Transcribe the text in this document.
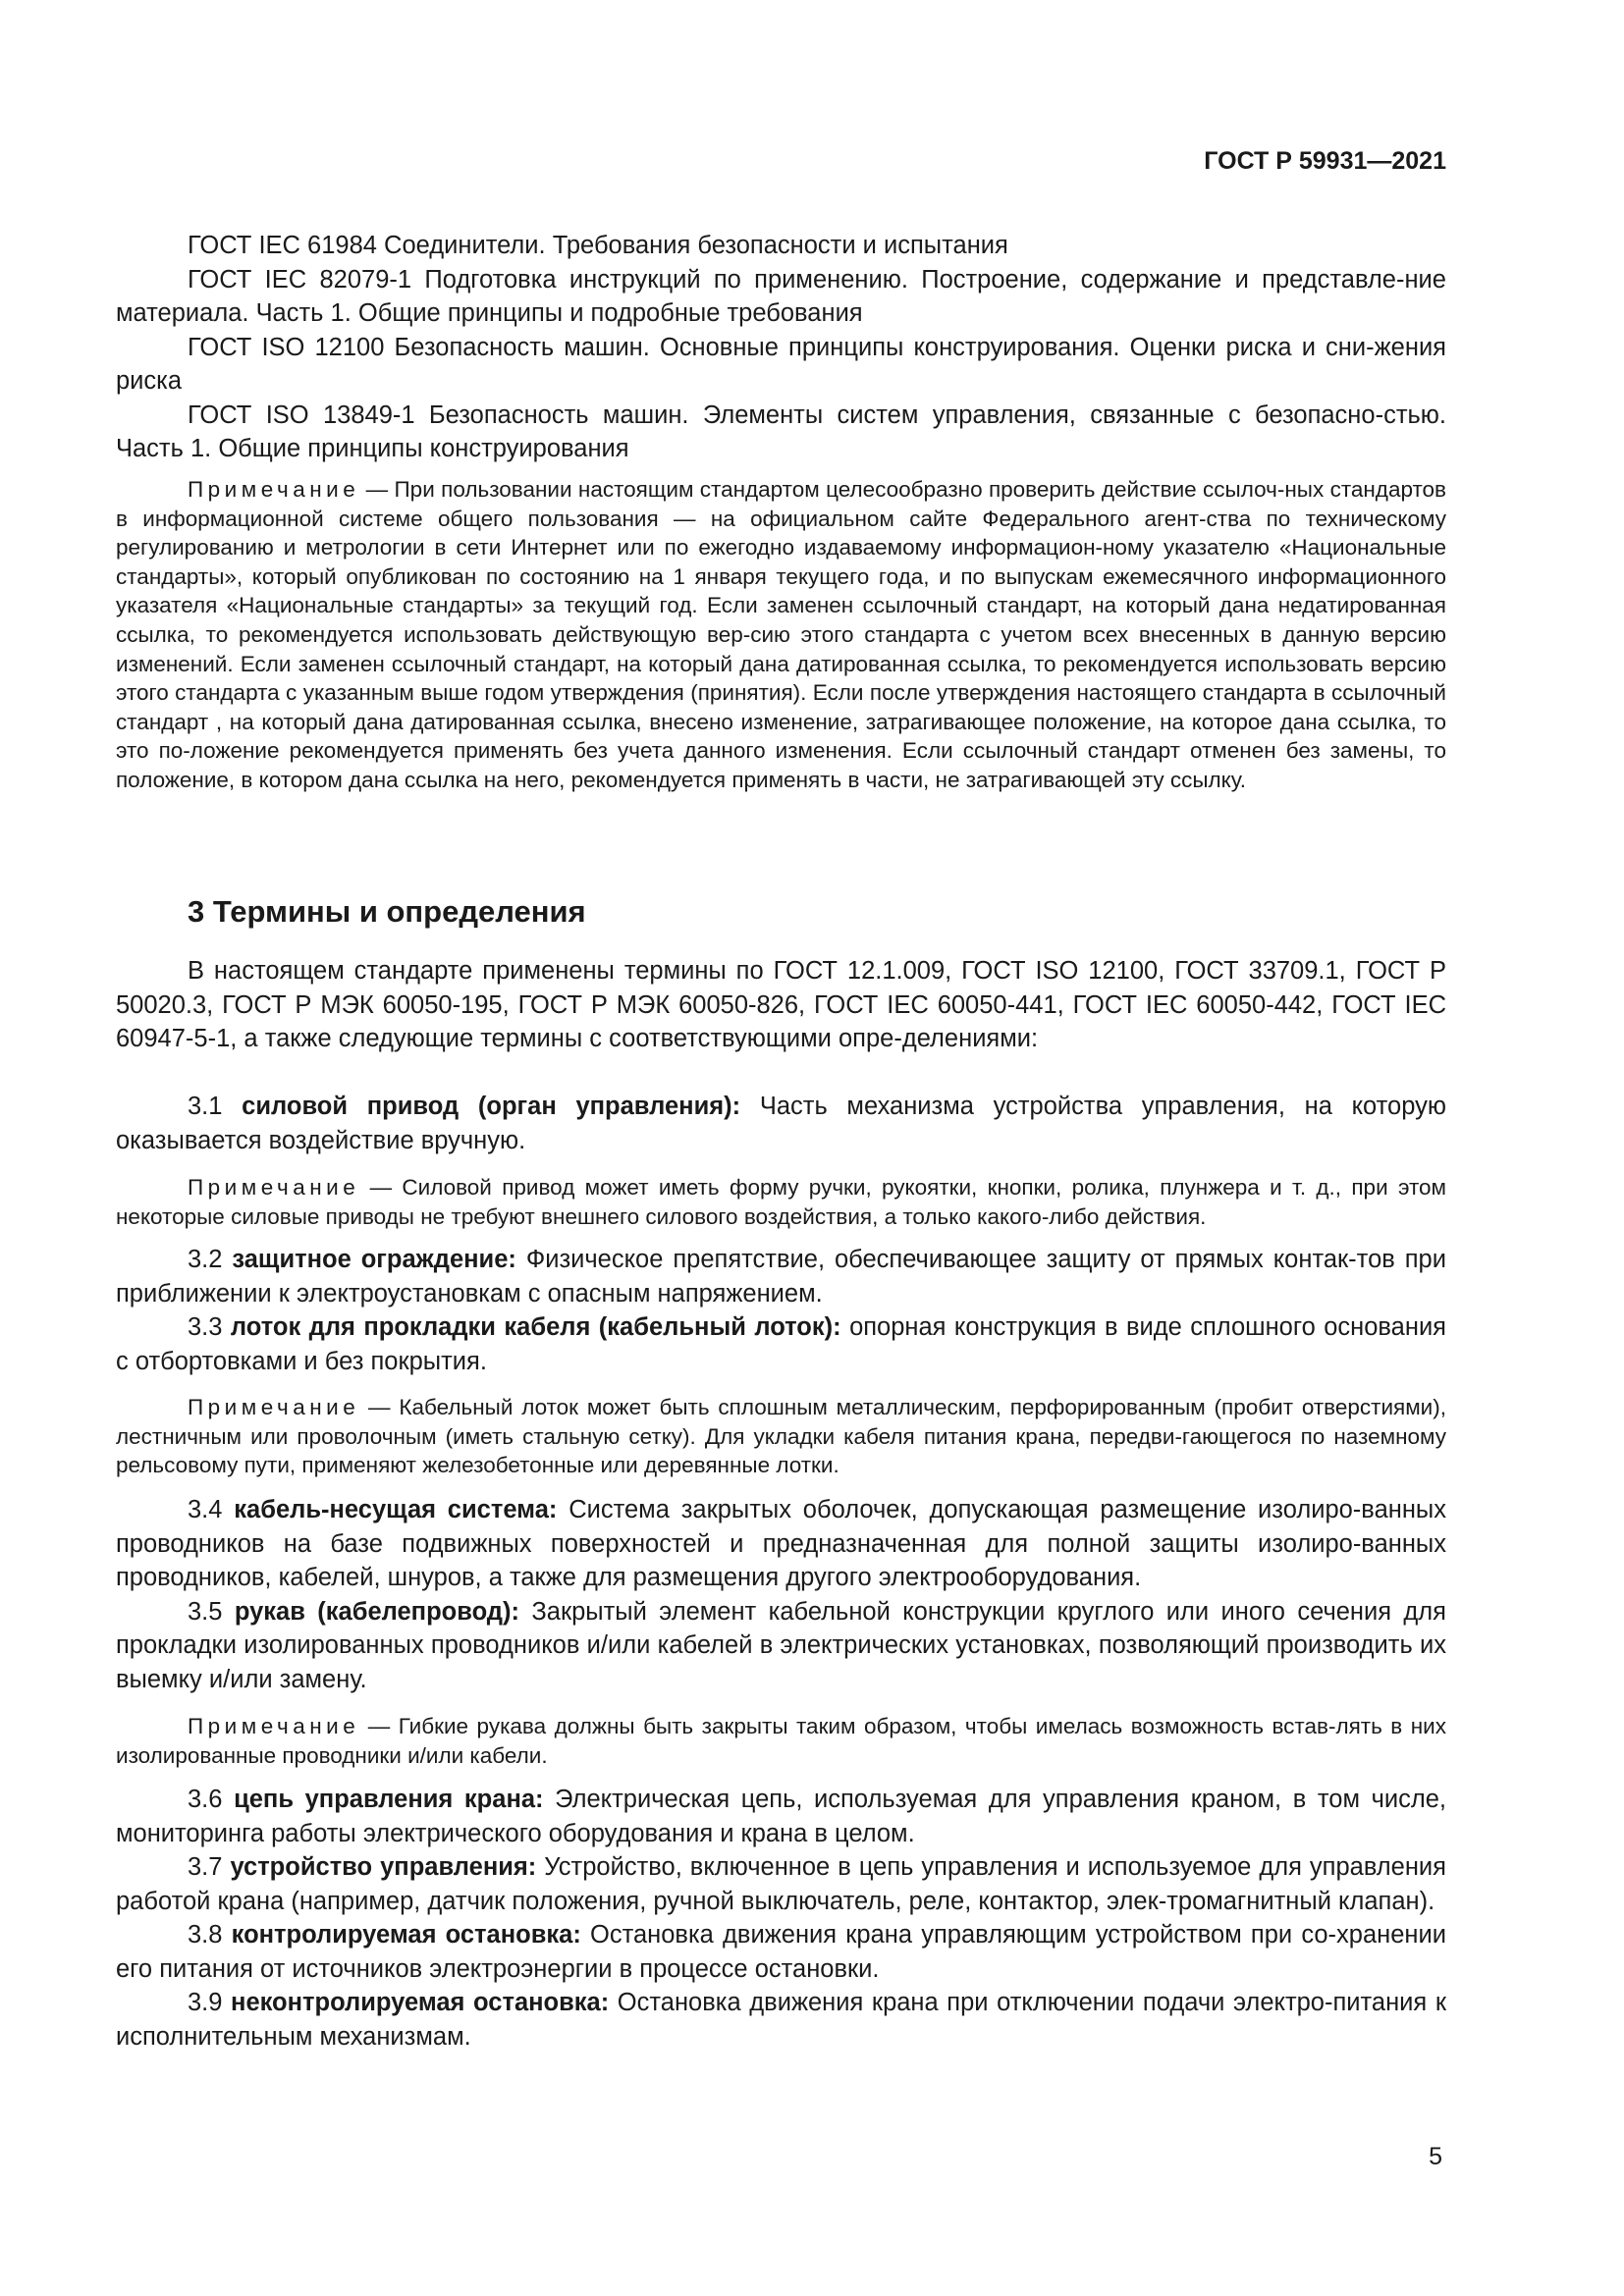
ГОСТ Р 59931—2021

ГОСТ IEC 61984 Соединители. Требования безопасности и испытания

ГОСТ IEC 82079-1 Подготовка инструкций по применению. Построение, содержание и представле-ние материала. Часть 1. Общие принципы и подробные требования

ГОСТ ISO 12100 Безопасность машин. Основные принципы конструирования. Оценки риска и сни-жения риска

ГОСТ ISO 13849-1 Безопасность машин. Элементы систем управления, связанные с безопасно-стью. Часть 1. Общие принципы конструирования

Примечание — При пользовании настоящим стандартом целесообразно проверить действие ссылоч-ных стандартов в информационной системе общего пользования — на официальном сайте Федерального агент-ства по техническому регулированию и метрологии в сети Интернет или по ежегодно издаваемому информацион-ному указателю «Национальные стандарты», который опубликован по состоянию на 1 января текущего года, и по выпускам ежемесячного информационного указателя «Национальные стандарты» за текущий год. Если заменен ссылочный стандарт, на который дана недатированная ссылка, то рекомендуется использовать действующую вер-сию этого стандарта с учетом всех внесенных в данную версию изменений. Если заменен ссылочный стандарт, на который дана датированная ссылка, то рекомендуется использовать версию этого стандарта с указанным выше годом утверждения (принятия). Если после утверждения настоящего стандарта в ссылочный стандарт , на который дана датированная ссылка, внесено изменение, затрагивающее положение, на которое дана ссылка, то это по-ложение рекомендуется применять без учета данного изменения. Если ссылочный стандарт отменен без замены, то положение, в котором дана ссылка на него, рекомендуется применять в части, не затрагивающей эту ссылку.

3 Термины и определения

В настоящем стандарте применены термины по ГОСТ 12.1.009, ГОСТ ISO 12100, ГОСТ 33709.1, ГОСТ Р 50020.3, ГОСТ Р МЭК 60050-195, ГОСТ Р МЭК 60050-826, ГОСТ IEC 60050-441, ГОСТ IEC 60050-442, ГОСТ IEC 60947-5-1, а также следующие термины с соответствующими опре-делениями:

3.1 силовой привод (орган управления): Часть механизма устройства управления, на которую оказывается воздействие вручную.

Примечание — Силовой привод может иметь форму ручки, рукоятки, кнопки, ролика, плунжера и т. д., при этом некоторые силовые приводы не требуют внешнего силового воздействия, а только какого-либо действия.

3.2 защитное ограждение: Физическое препятствие, обеспечивающее защиту от прямых контак-тов при приближении к электроустановкам с опасным напряжением.

3.3 лоток для прокладки кабеля (кабельный лоток): опорная конструкция в виде сплошного основания с отбортовками и без покрытия.

Примечание — Кабельный лоток может быть сплошным металлическим, перфорированным (пробит отверстиями), лестничным или проволочным (иметь стальную сетку). Для укладки кабеля питания крана, передви-гающегося по наземному рельсовому пути, применяют железобетонные или деревянные лотки.

3.4 кабель-несущая система: Система закрытых оболочек, допускающая размещение изолиро-ванных проводников на базе подвижных поверхностей и предназначенная для полной защиты изолиро-ванных проводников, кабелей, шнуров, а также для размещения другого электрооборудования.

3.5 рукав (кабелепровод): Закрытый элемент кабельной конструкции круглого или иного сечения для прокладки изолированных проводников и/или кабелей в электрических установках, позволяющий производить их выемку и/или замену.

Примечание — Гибкие рукава должны быть закрыты таким образом, чтобы имелась возможность встав-лять в них изолированные проводники и/или кабели.

3.6 цепь управления крана: Электрическая цепь, используемая для управления краном, в том числе, мониторинга работы электрического оборудования и крана в целом.

3.7 устройство управления: Устройство, включенное в цепь управления и используемое для управления работой крана (например, датчик положения, ручной выключатель, реле, контактор, элек-тромагнитный клапан).

3.8 контролируемая остановка: Остановка движения крана управляющим устройством при со-хранении его питания от источников электроэнергии в процессе остановки.

3.9 неконтролируемая остановка: Остановка движения крана при отключении подачи электро-питания к исполнительным механизмам.

5
